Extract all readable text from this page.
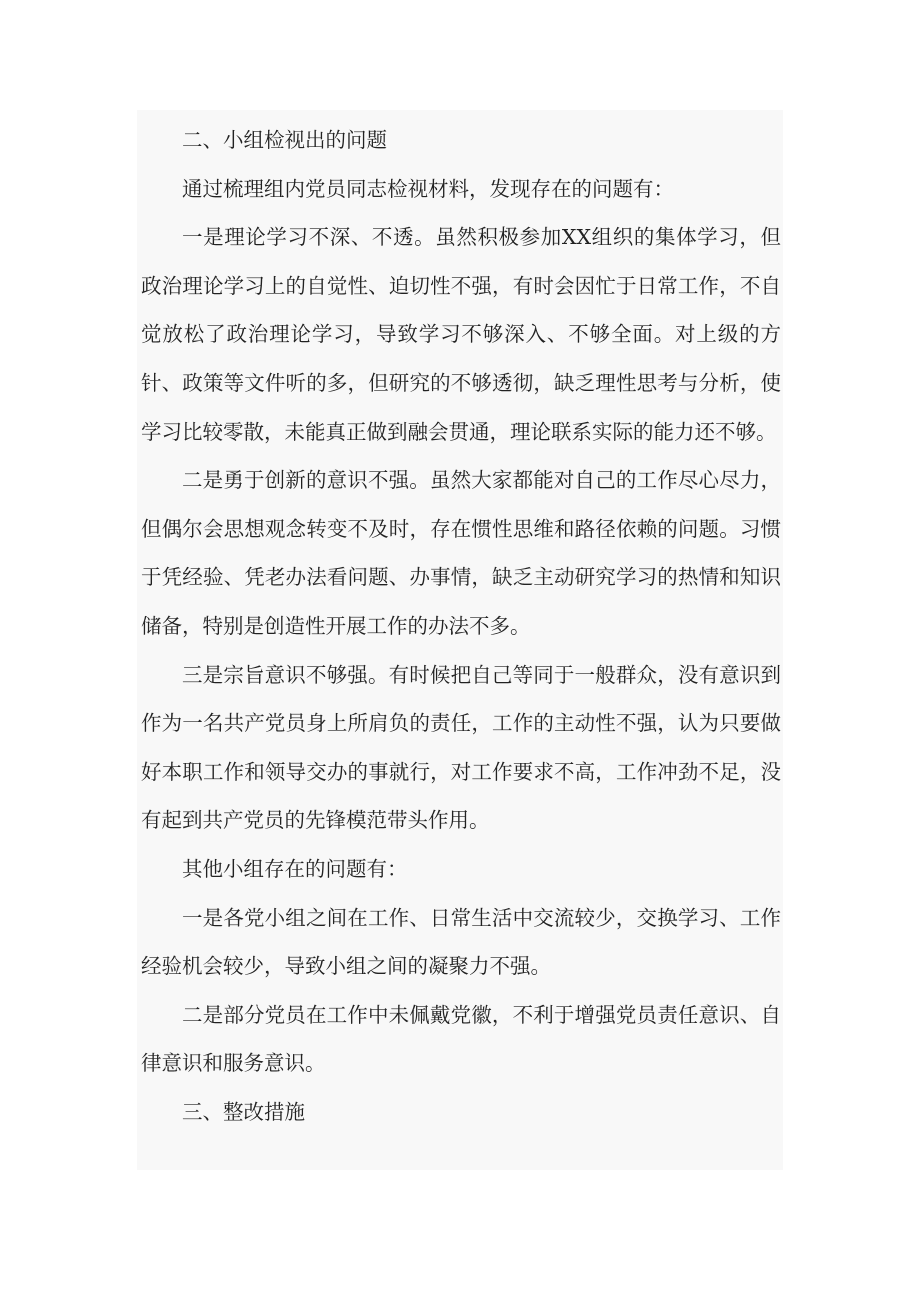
二、小组检视出的问题

通过梳理组内党员同志检视材料，发现存在的问题有：

一是理论学习不深、不透。虽然积极参加XX组织的集体学习，但政治理论学习上的自觉性、迫切性不强，有时会因忙于日常工作，不自觉放松了政治理论学习，导致学习不够深入、不够全面。对上级的方针、政策等文件听的多，但研究的不够透彻，缺乏理性思考与分析，使学习比较零散，未能真正做到融会贯通，理论联系实际的能力还不够。

二是勇于创新的意识不强。虽然大家都能对自己的工作尽心尽力，但偶尔会思想观念转变不及时，存在惯性思维和路径依赖的问题。习惯于凭经验、凭老办法看问题、办事情，缺乏主动研究学习的热情和知识储备，特别是创造性开展工作的办法不多。

三是宗旨意识不够强。有时候把自己等同于一般群众，没有意识到作为一名共产党员身上所肩负的责任，工作的主动性不强，认为只要做好本职工作和领导交办的事就行，对工作要求不高，工作冲劲不足，没有起到共产党员的先锋模范带头作用。

其他小组存在的问题有：

一是各党小组之间在工作、日常生活中交流较少，交换学习、工作经验机会较少，导致小组之间的凝聚力不强。

二是部分党员在工作中未佩戴党徽，不利于增强党员责任意识、自律意识和服务意识。

三、整改措施
